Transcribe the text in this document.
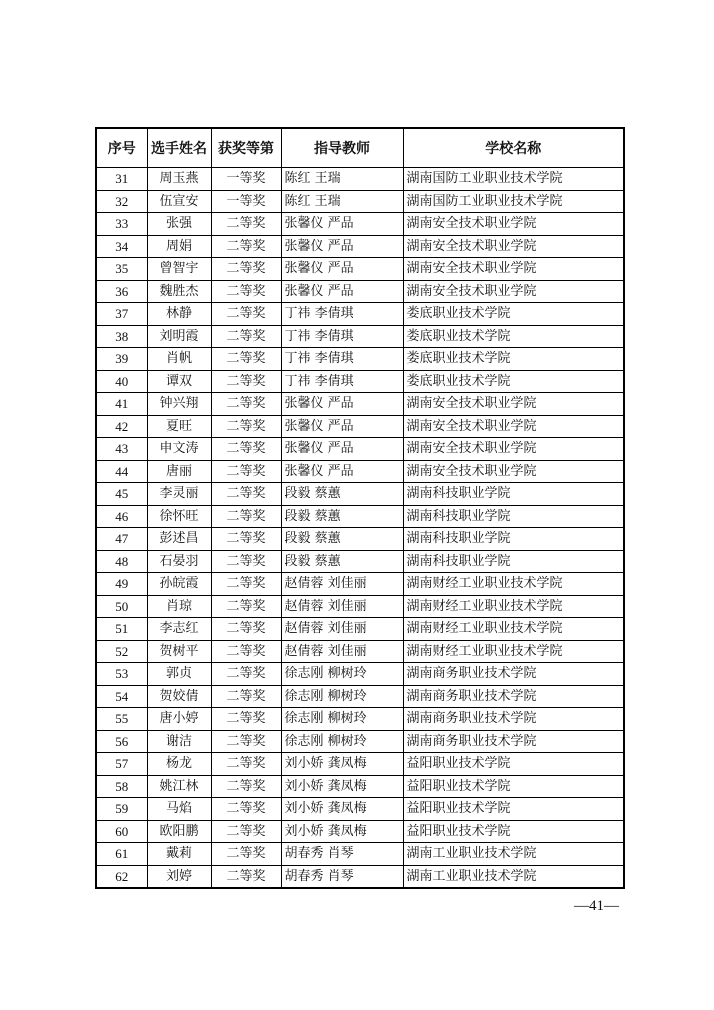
序号	选手姓名	获奖等第	指导教师	学校名称
31	周玉燕	一等奖	陈红 王瑞	湖南国防工业职业技术学院
32	伍宣安	一等奖	陈红 王瑞	湖南国防工业职业技术学院
33	张强	二等奖	张馨仪 严品	湖南安全技术职业学院
34	周娟	二等奖	张馨仪 严品	湖南安全技术职业学院
35	曾智宇	二等奖	张馨仪 严品	湖南安全技术职业学院
36	魏胜杰	二等奖	张馨仪 严品	湖南安全技术职业学院
37	林静	二等奖	丁祎 李倩琪	娄底职业技术学院
38	刘明霞	二等奖	丁祎 李倩琪	娄底职业技术学院
39	肖帆	二等奖	丁祎 李倩琪	娄底职业技术学院
40	谭双	二等奖	丁祎 李倩琪	娄底职业技术学院
41	钟兴翔	二等奖	张馨仪 严品	湖南安全技术职业学院
42	夏旺	二等奖	张馨仪 严品	湖南安全技术职业学院
43	申文涛	二等奖	张馨仪 严品	湖南安全技术职业学院
44	唐丽	二等奖	张馨仪 严品	湖南安全技术职业学院
45	李灵丽	二等奖	段毅 蔡蕙	湖南科技职业学院
46	徐怀旺	二等奖	段毅 蔡蕙	湖南科技职业学院
47	彭述昌	二等奖	段毅 蔡蕙	湖南科技职业学院
48	石晏羽	二等奖	段毅 蔡蕙	湖南科技职业学院
49	孙皖霞	二等奖	赵倩蓉 刘佳丽	湖南财经工业职业技术学院
50	肖琼	二等奖	赵倩蓉 刘佳丽	湖南财经工业职业技术学院
51	李志红	二等奖	赵倩蓉 刘佳丽	湖南财经工业职业技术学院
52	贺树平	二等奖	赵倩蓉 刘佳丽	湖南财经工业职业技术学院
53	郭贞	二等奖	徐志刚 柳树玲	湖南商务职业技术学院
54	贺姣倩	二等奖	徐志刚 柳树玲	湖南商务职业技术学院
55	唐小婷	二等奖	徐志刚 柳树玲	湖南商务职业技术学院
56	谢洁	二等奖	徐志刚 柳树玲	湖南商务职业技术学院
57	杨龙	二等奖	刘小娇 龚凤梅	益阳职业技术学院
58	姚江林	二等奖	刘小娇 龚凤梅	益阳职业技术学院
59	马焰	二等奖	刘小娇 龚凤梅	益阳职业技术学院
60	欧阳鹏	二等奖	刘小娇 龚凤梅	益阳职业技术学院
61	戴莉	二等奖	胡春秀 肖琴	湖南工业职业技术学院
62	刘婷	二等奖	胡春秀 肖琴	湖南工业职业技术学院
—41—
